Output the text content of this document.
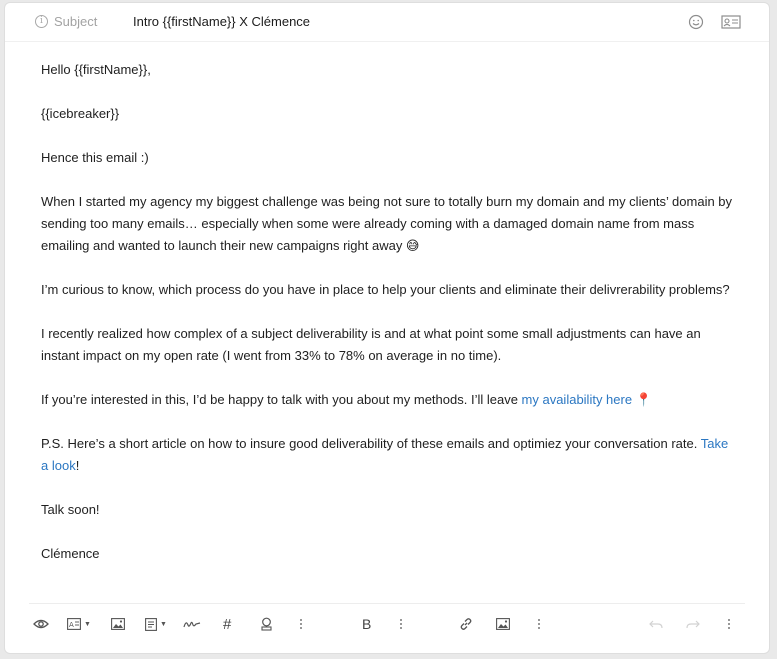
i Subject	Intro {{firstName}} X Clémence

Hello {{firstName}},

{{icebreaker}}

Hence this email :)

When I started my agency my biggest challenge was being not sure to totally burn my domain and my clients’ domain by sending too many emails… especially when some were already coming with a damaged domain name from mass emailing and wanted to launch their new campaigns right away 😅

I’m curious to know, which process do you have in place to help your clients and eliminate their delivrerability problems?

I recently realized how complex of a subject deliverability is and at what point some small adjustments can have an instant impact on my open rate (I went from 33% to 78% on average in no time).

If you’re interested in this, I’d be happy to talk with you about my methods. I’ll leave my availability here 📍

P.S. Here’s a short article on how to insure good deliverability of these emails and optimiez your conversation rate. Take a look!

Talk soon!

Clémence

A ▼	▼	#	B
